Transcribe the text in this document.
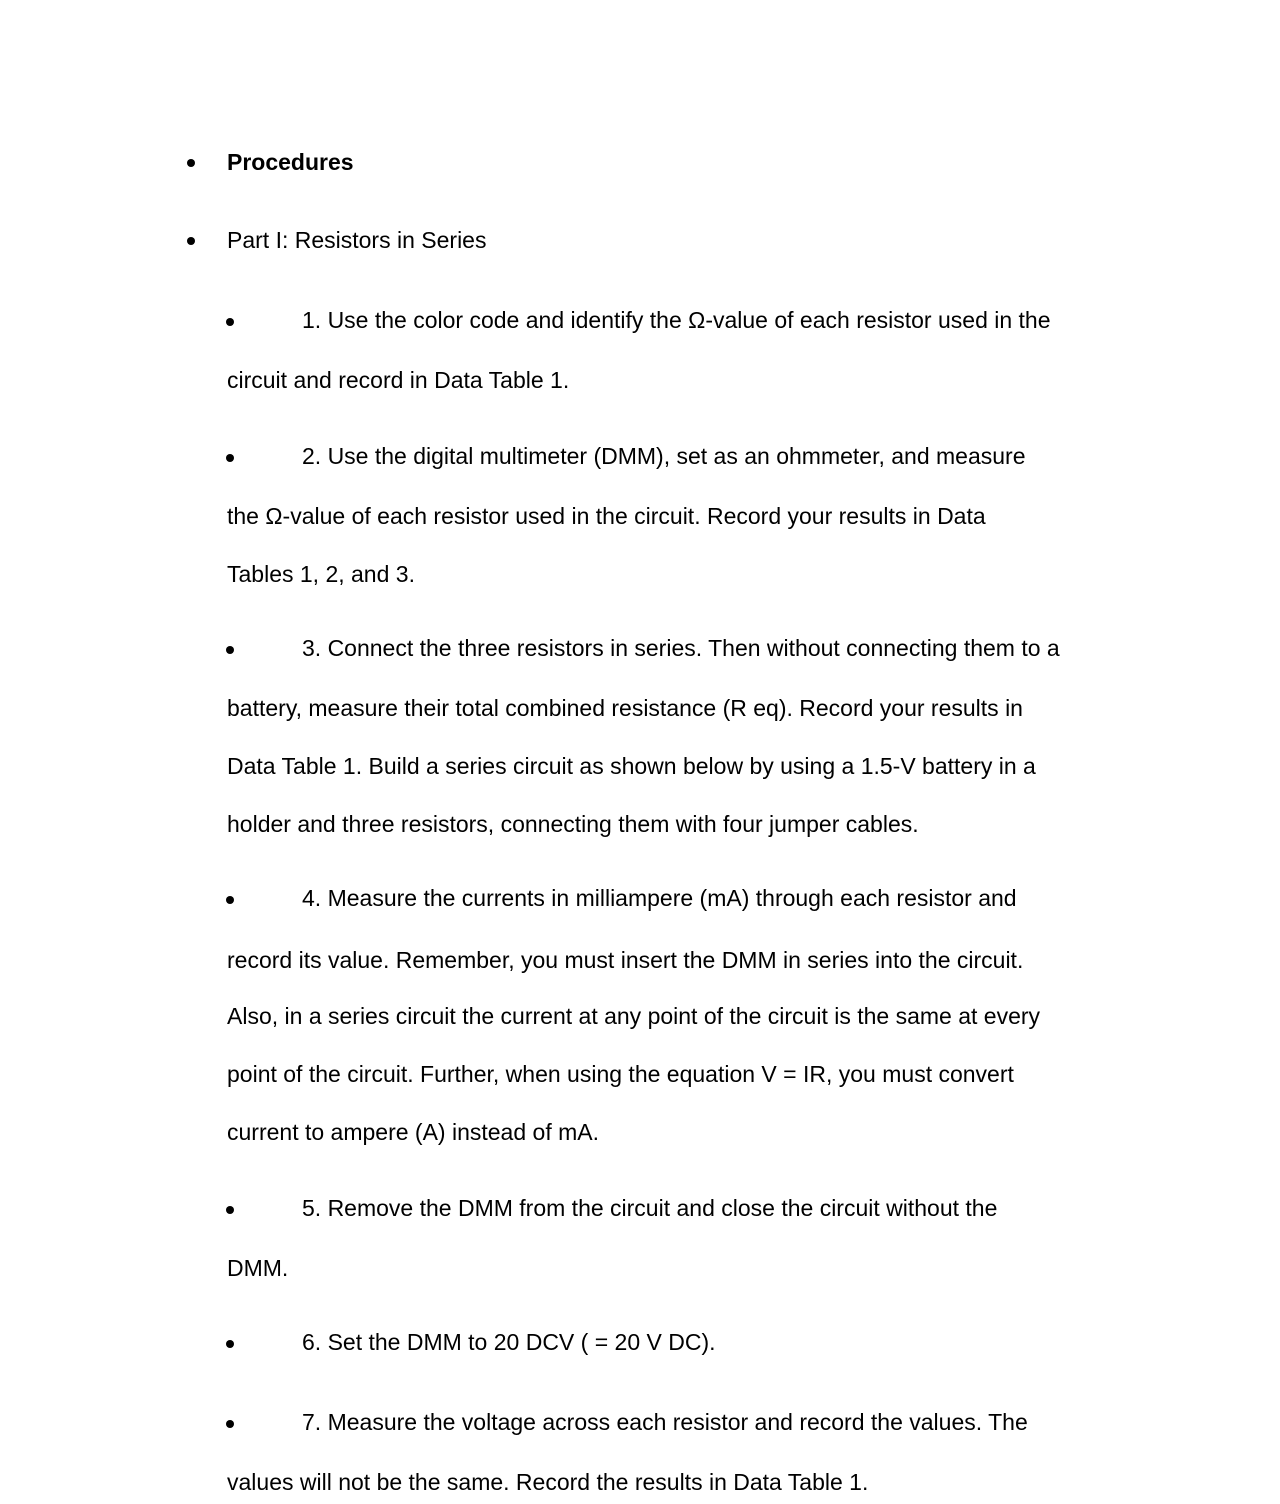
Procedures
Part I: Resistors in Series
1. Use the color code and identify the Ω-value of each resistor used in the
circuit and record in Data Table 1.
2. Use the digital multimeter (DMM), set as an ohmmeter, and measure
the Ω-value of each resistor used in the circuit. Record your results in Data
Tables 1, 2, and 3.
3. Connect the three resistors in series. Then without connecting them to a
battery, measure their total combined resistance (R eq). Record your results in
Data Table 1. Build a series circuit as shown below by using a 1.5-V battery in a
holder and three resistors, connecting them with four jumper cables.
4. Measure the currents in milliampere (mA) through each resistor and
record its value. Remember, you must insert the DMM in series into the circuit.
Also, in a series circuit the current at any point of the circuit is the same at every
point of the circuit. Further, when using the equation V = IR, you must convert
current to ampere (A) instead of mA.
5. Remove the DMM from the circuit and close the circuit without the
DMM.
6. Set the DMM to 20 DCV ( = 20 V DC).
7. Measure the voltage across each resistor and record the values. The
values will not be the same. Record the results in Data Table 1.
